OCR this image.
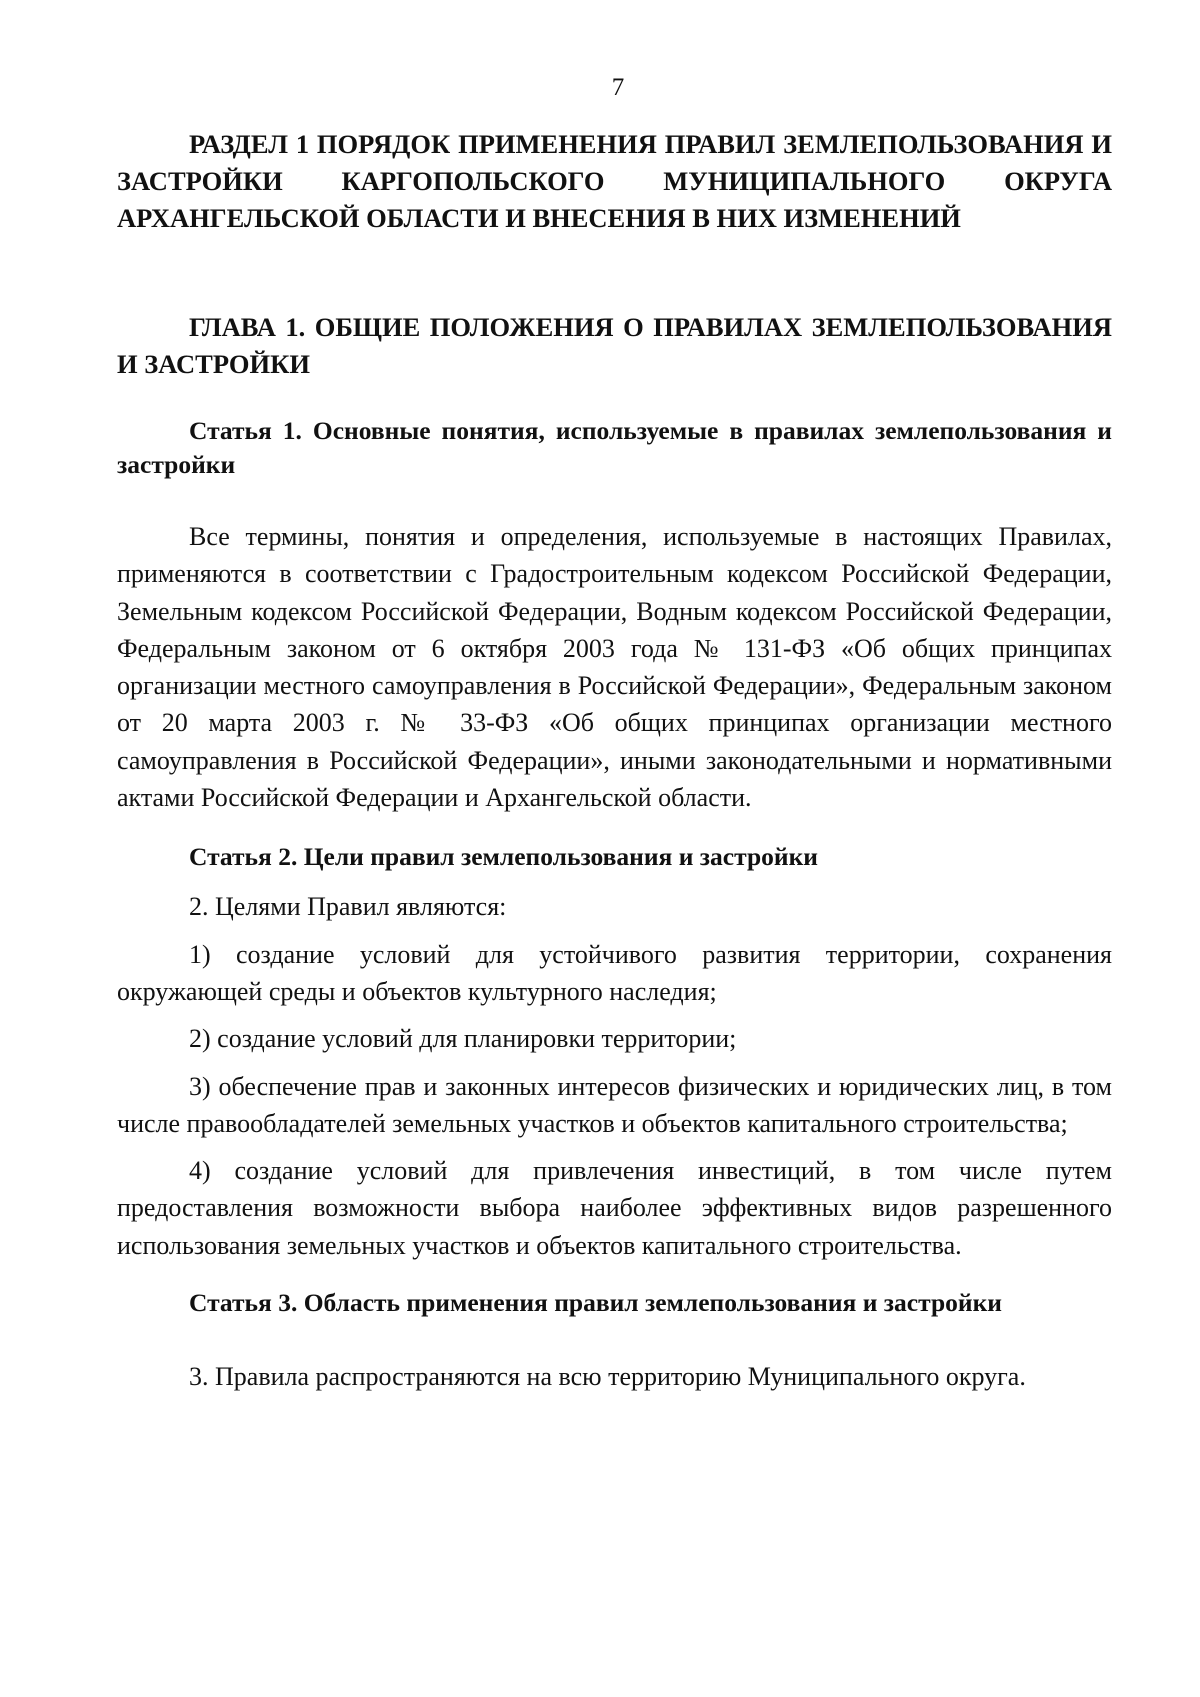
7

РАЗДЕЛ 1 ПОРЯДОК ПРИМЕНЕНИЯ ПРАВИЛ ЗЕМЛЕПОЛЬЗОВАНИЯ И ЗАСТРОЙКИ КАРГОПОЛЬСКОГО МУНИЦИПАЛЬНОГО ОКРУГА АРХАНГЕЛЬСКОЙ ОБЛАСТИ И ВНЕСЕНИЯ В НИХ ИЗМЕНЕНИЙ

ГЛАВА 1. ОБЩИЕ ПОЛОЖЕНИЯ О ПРАВИЛАХ ЗЕМЛЕПОЛЬЗОВАНИЯ И ЗАСТРОЙКИ

Статья 1. Основные понятия, используемые в правилах землепользования и застройки

Все термины, понятия и определения, используемые в настоящих Правилах, применяются в соответствии с Градостроительным кодексом Российской Федерации, Земельным кодексом Российской Федерации, Водным кодексом Российской Федерации, Федеральным законом от 6 октября 2003 года № 131-ФЗ «Об общих принципах организации местного самоуправления в Российской Федерации», Федеральным законом от 20 марта 2003 г. № 33-ФЗ «Об общих принципах организации местного самоуправления в Российской Федерации», иными законодательными и нормативными актами Российской Федерации и Архангельской области.

Статья 2. Цели правил землепользования и застройки

2. Целями Правил являются:

1) создание условий для устойчивого развития территории, сохранения окружающей среды и объектов культурного наследия;

2) создание условий для планировки территории;

3) обеспечение прав и законных интересов физических и юридических лиц, в том числе правообладателей земельных участков и объектов капитального строительства;

4) создание условий для привлечения инвестиций, в том числе путем предоставления возможности выбора наиболее эффективных видов разрешенного использования земельных участков и объектов капитального строительства.

Статья 3. Область применения правил землепользования и застройки

3. Правила распространяются на всю территорию Муниципального округа.
